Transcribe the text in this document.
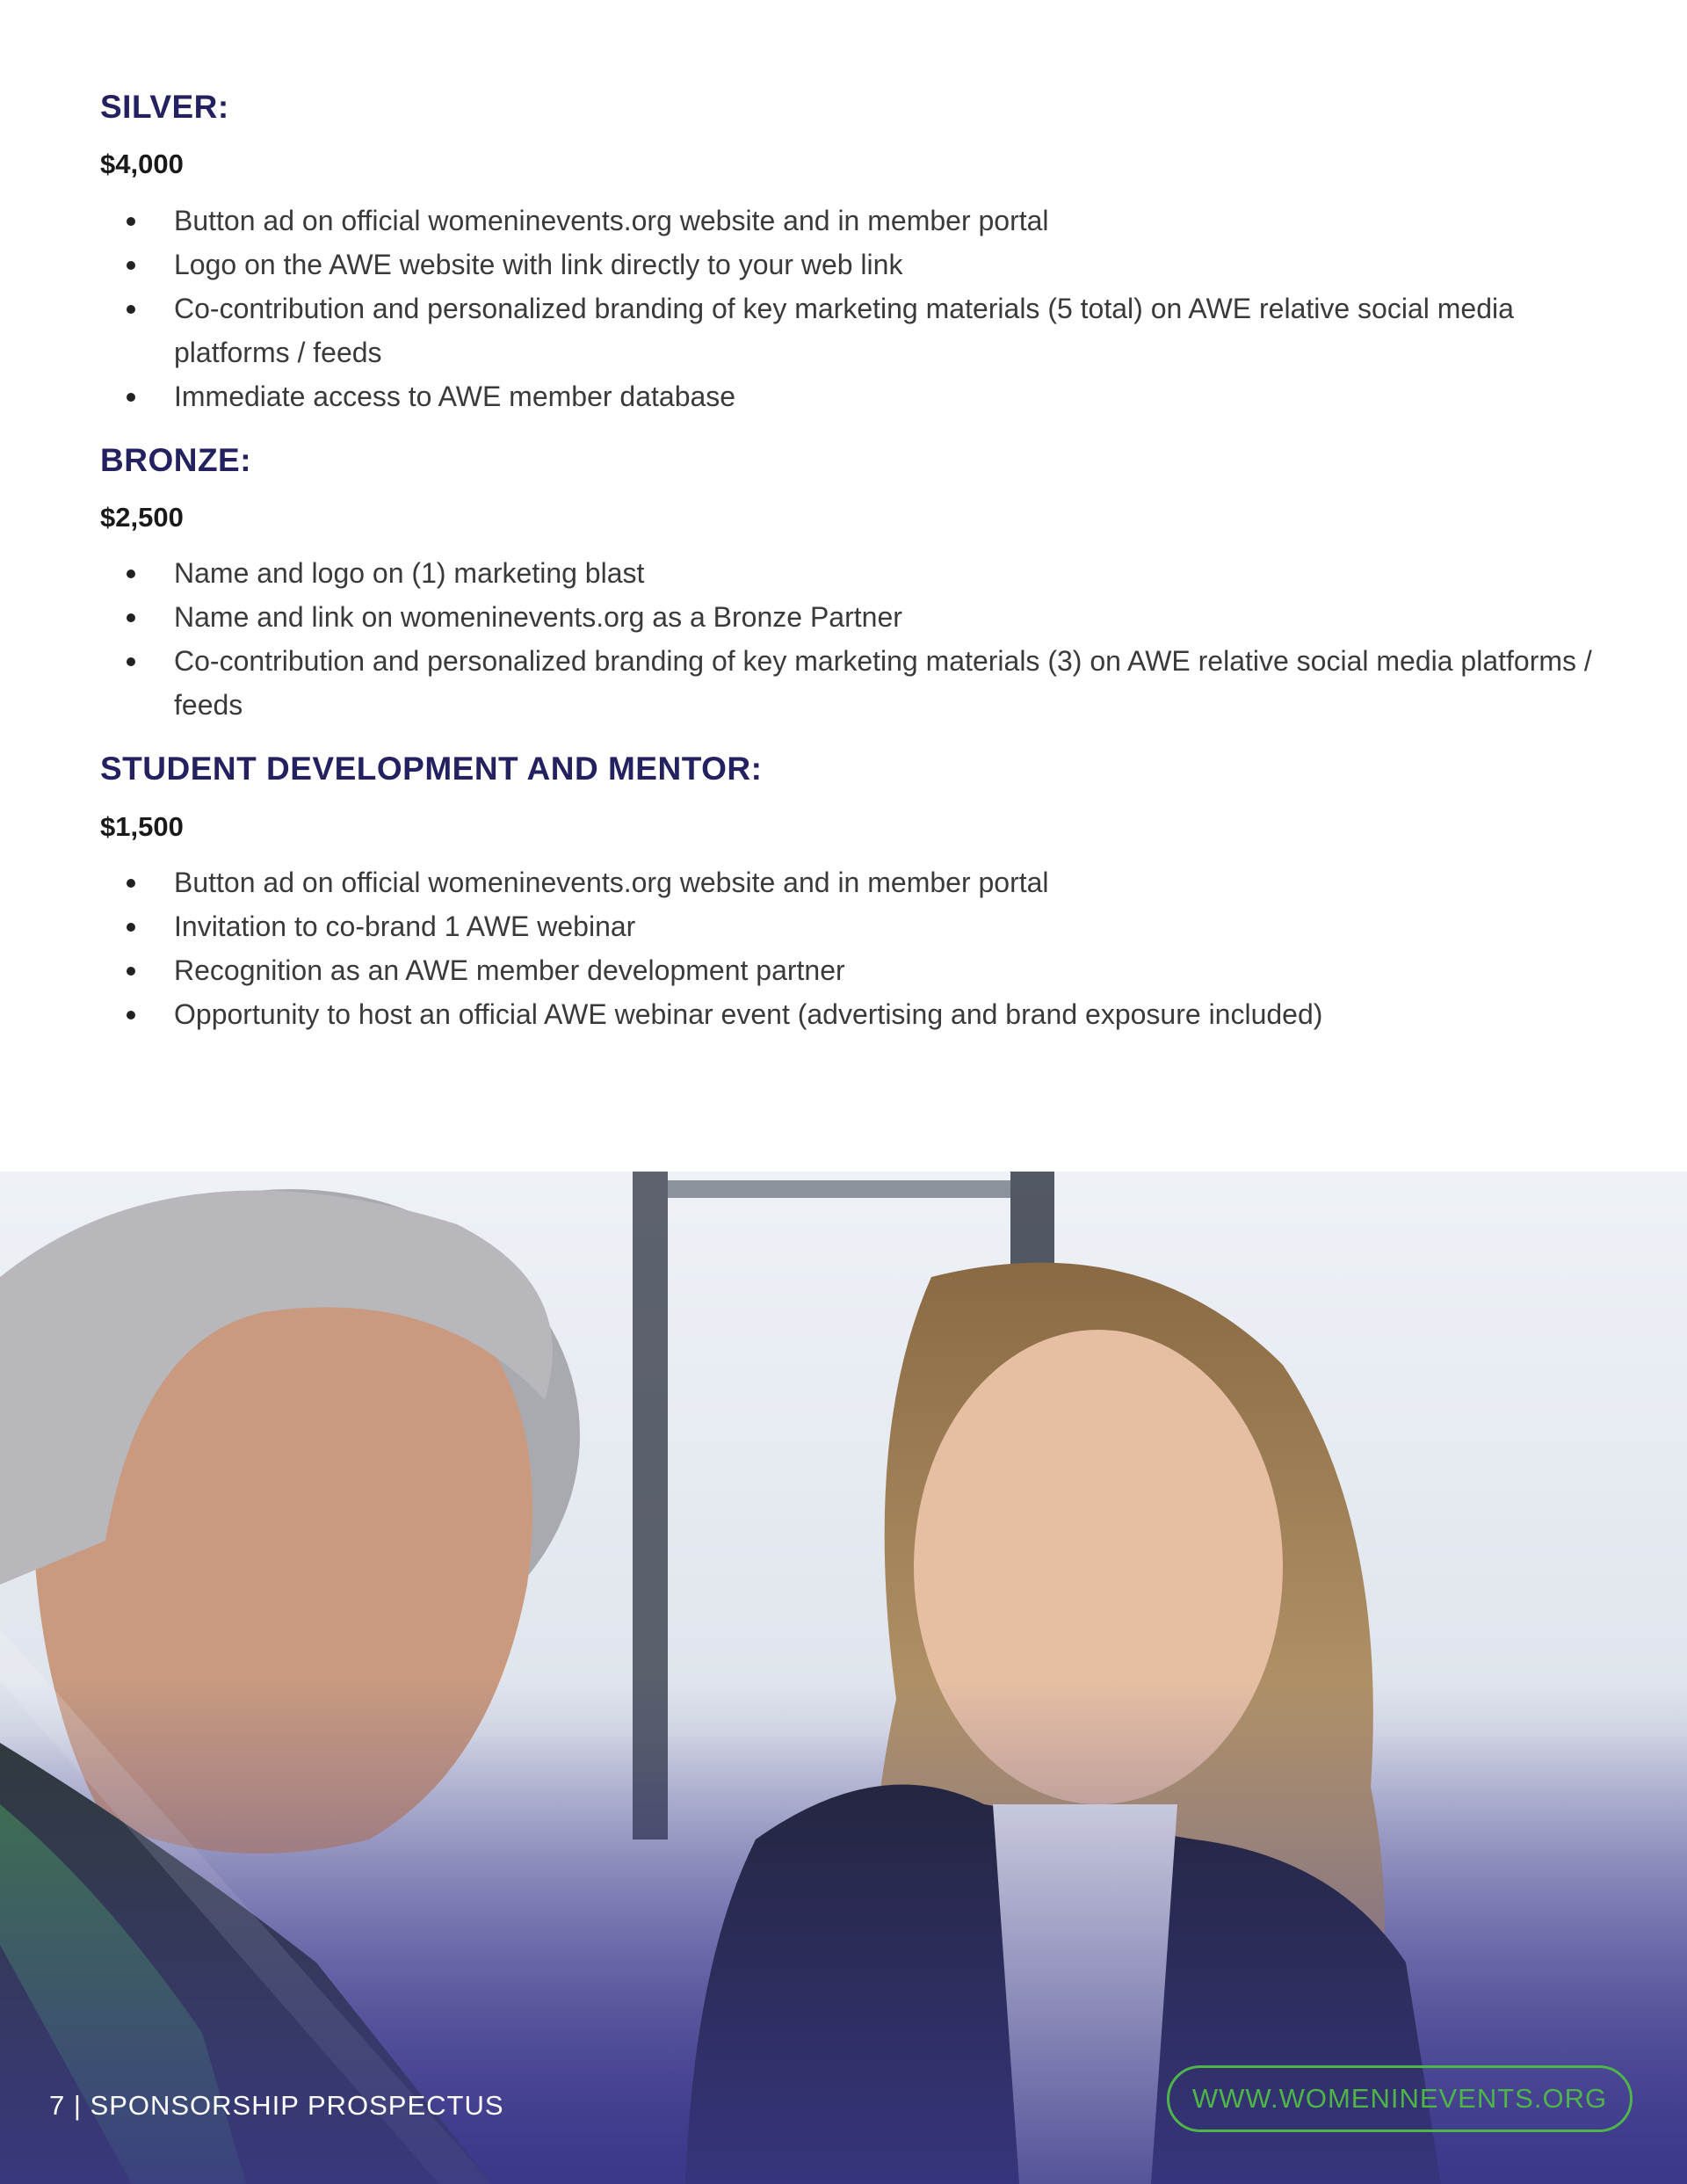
SILVER:
$4,000
Button ad on official womeninevents.org website and in member portal
Logo on the AWE website with link directly to your web link
Co-contribution and personalized branding of key marketing materials (5 total) on AWE relative social media platforms / feeds
Immediate access to AWE member database
BRONZE:
$2,500
Name and logo on (1) marketing blast
Name and link on womeninevents.org as a Bronze Partner
Co-contribution and personalized branding of key marketing materials (3) on AWE relative social media platforms / feeds
STUDENT DEVELOPMENT AND MENTOR:
$1,500
Button ad on official womeninevents.org website and in member portal
Invitation to co-brand 1 AWE webinar
Recognition as an AWE member development partner
Opportunity to host an official AWE webinar event (advertising and brand exposure included)
7 | SPONSORSHIP PROSPECTUS	WWW.WOMENINEVENTS.ORG
